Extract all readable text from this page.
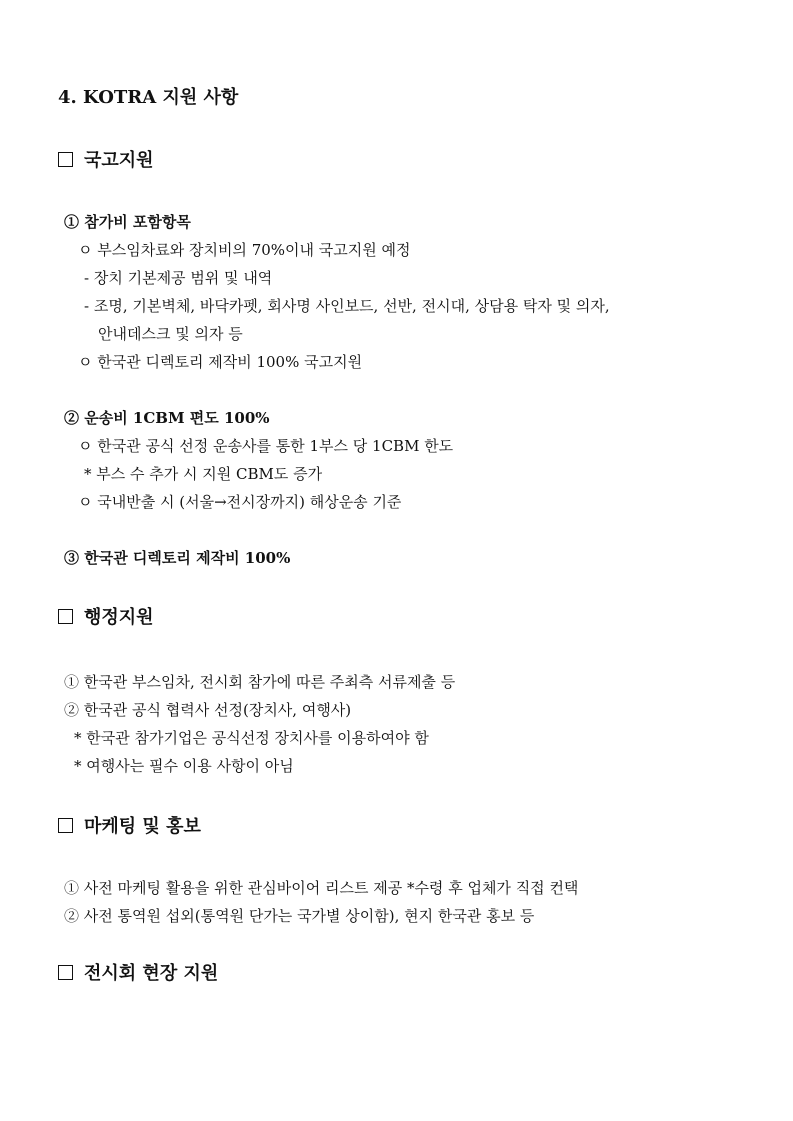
4. KOTRA 지원 사항
국고지원
① 참가비 포함항목
ㅇ 부스임차료와 장치비의 70%이내 국고지원 예정
- 장치 기본제공 범위 및 내역
- 조명, 기본벽체, 바닥카펫, 회사명 사인보드, 선반, 전시대, 상담용 탁자 및 의자,
안내데스크 및 의자 등
ㅇ 한국관 디렉토리 제작비 100% 국고지원
② 운송비 1CBM 편도 100%
ㅇ 한국관 공식 선정 운송사를 통한 1부스 당 1CBM 한도
* 부스 수 추가 시 지원 CBM도 증가
ㅇ 국내반출 시 (서울→전시장까지) 해상운송 기준
③ 한국관 디렉토리 제작비 100%
행정지원
① 한국관 부스임차, 전시회 참가에 따른 주최측 서류제출 등
② 한국관 공식 협력사 선정(장치사, 여행사)
* 한국관 참가기업은 공식선정 장치사를 이용하여야 함
* 여행사는 필수 이용 사항이 아님
마케팅 및 홍보
① 사전 마케팅 활용을 위한 관심바이어 리스트 제공 *수령 후 업체가 직접 컨택
② 사전 통역원 섭외(통역원 단가는 국가별 상이함), 현지 한국관 홍보 등
전시회 현장 지원
